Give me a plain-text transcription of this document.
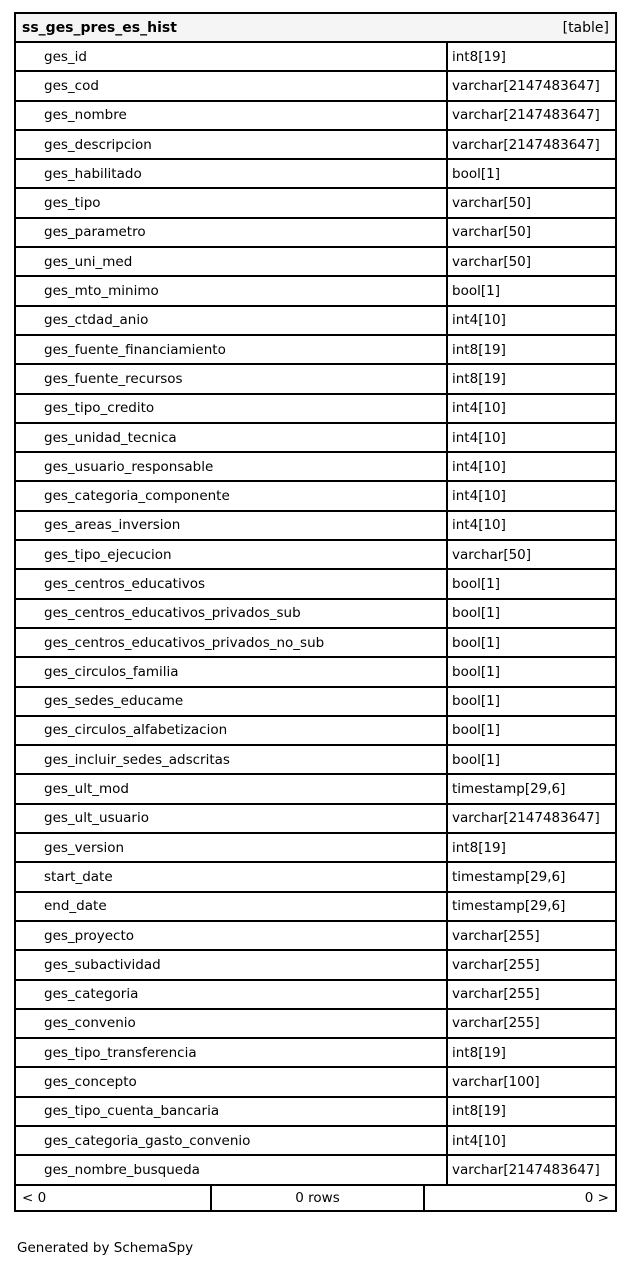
ss_ges_pres_es_hist	[table]
ges_id	int8[19]
ges_cod	varchar[2147483647]
ges_nombre	varchar[2147483647]
ges_descripcion	varchar[2147483647]
ges_habilitado	bool[1]
ges_tipo	varchar[50]
ges_parametro	varchar[50]
ges_uni_med	varchar[50]
ges_mto_minimo	bool[1]
ges_ctdad_anio	int4[10]
ges_fuente_financiamiento	int8[19]
ges_fuente_recursos	int8[19]
ges_tipo_credito	int4[10]
ges_unidad_tecnica	int4[10]
ges_usuario_responsable	int4[10]
ges_categoria_componente	int4[10]
ges_areas_inversion	int4[10]
ges_tipo_ejecucion	varchar[50]
ges_centros_educativos	bool[1]
ges_centros_educativos_privados_sub	bool[1]
ges_centros_educativos_privados_no_sub	bool[1]
ges_circulos_familia	bool[1]
ges_sedes_educame	bool[1]
ges_circulos_alfabetizacion	bool[1]
ges_incluir_sedes_adscritas	bool[1]
ges_ult_mod	timestamp[29,6]
ges_ult_usuario	varchar[2147483647]
ges_version	int8[19]
start_date	timestamp[29,6]
end_date	timestamp[29,6]
ges_proyecto	varchar[255]
ges_subactividad	varchar[255]
ges_categoria	varchar[255]
ges_convenio	varchar[255]
ges_tipo_transferencia	int8[19]
ges_concepto	varchar[100]
ges_tipo_cuenta_bancaria	int8[19]
ges_categoria_gasto_convenio	int4[10]
ges_nombre_busqueda	varchar[2147483647]
< 0	0 rows	0 >
Generated by SchemaSpy
